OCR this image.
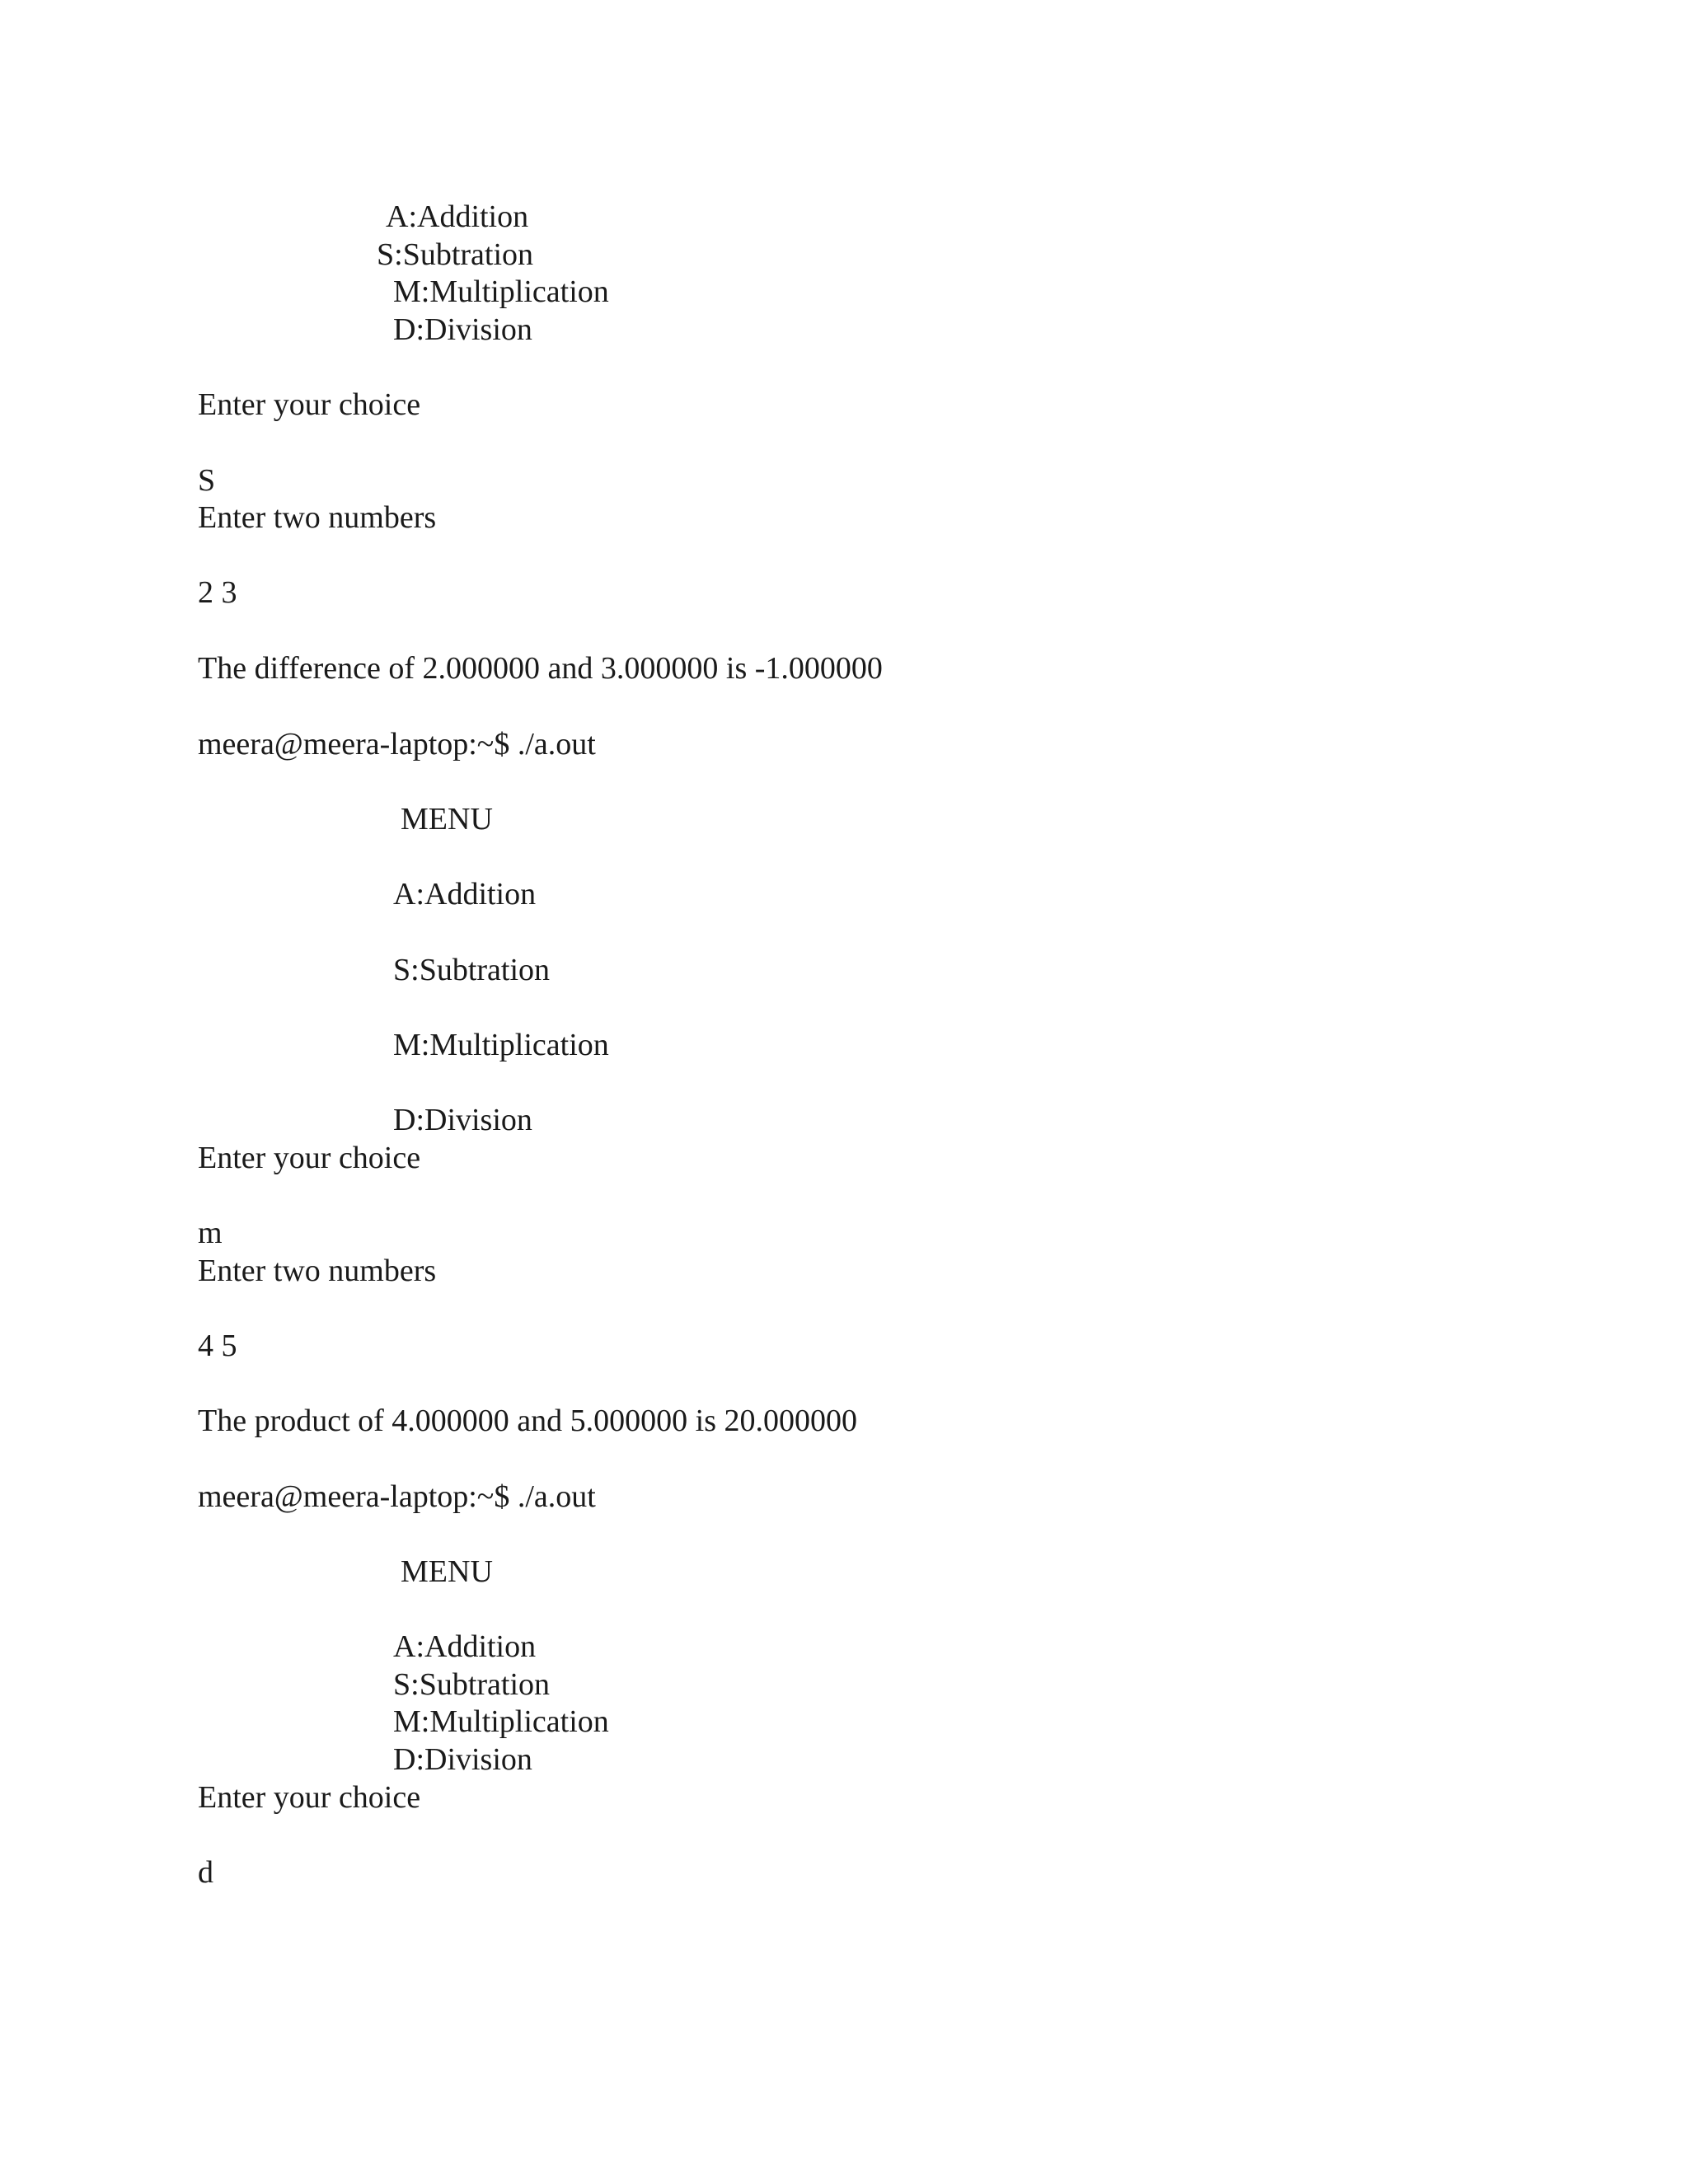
A:Addition
S:Subtration
M:Multiplication
D:Division
Enter your choice
S
Enter two numbers
2 3
The difference of 2.000000 and 3.000000 is -1.000000
meera@meera-laptop:~$ ./a.out
MENU
A:Addition
S:Subtration
M:Multiplication
D:Division
Enter your choice
m
Enter two numbers
4 5
The product of 4.000000 and 5.000000 is 20.000000
meera@meera-laptop:~$ ./a.out
MENU
A:Addition
S:Subtration
M:Multiplication
D:Division
Enter your choice
d
